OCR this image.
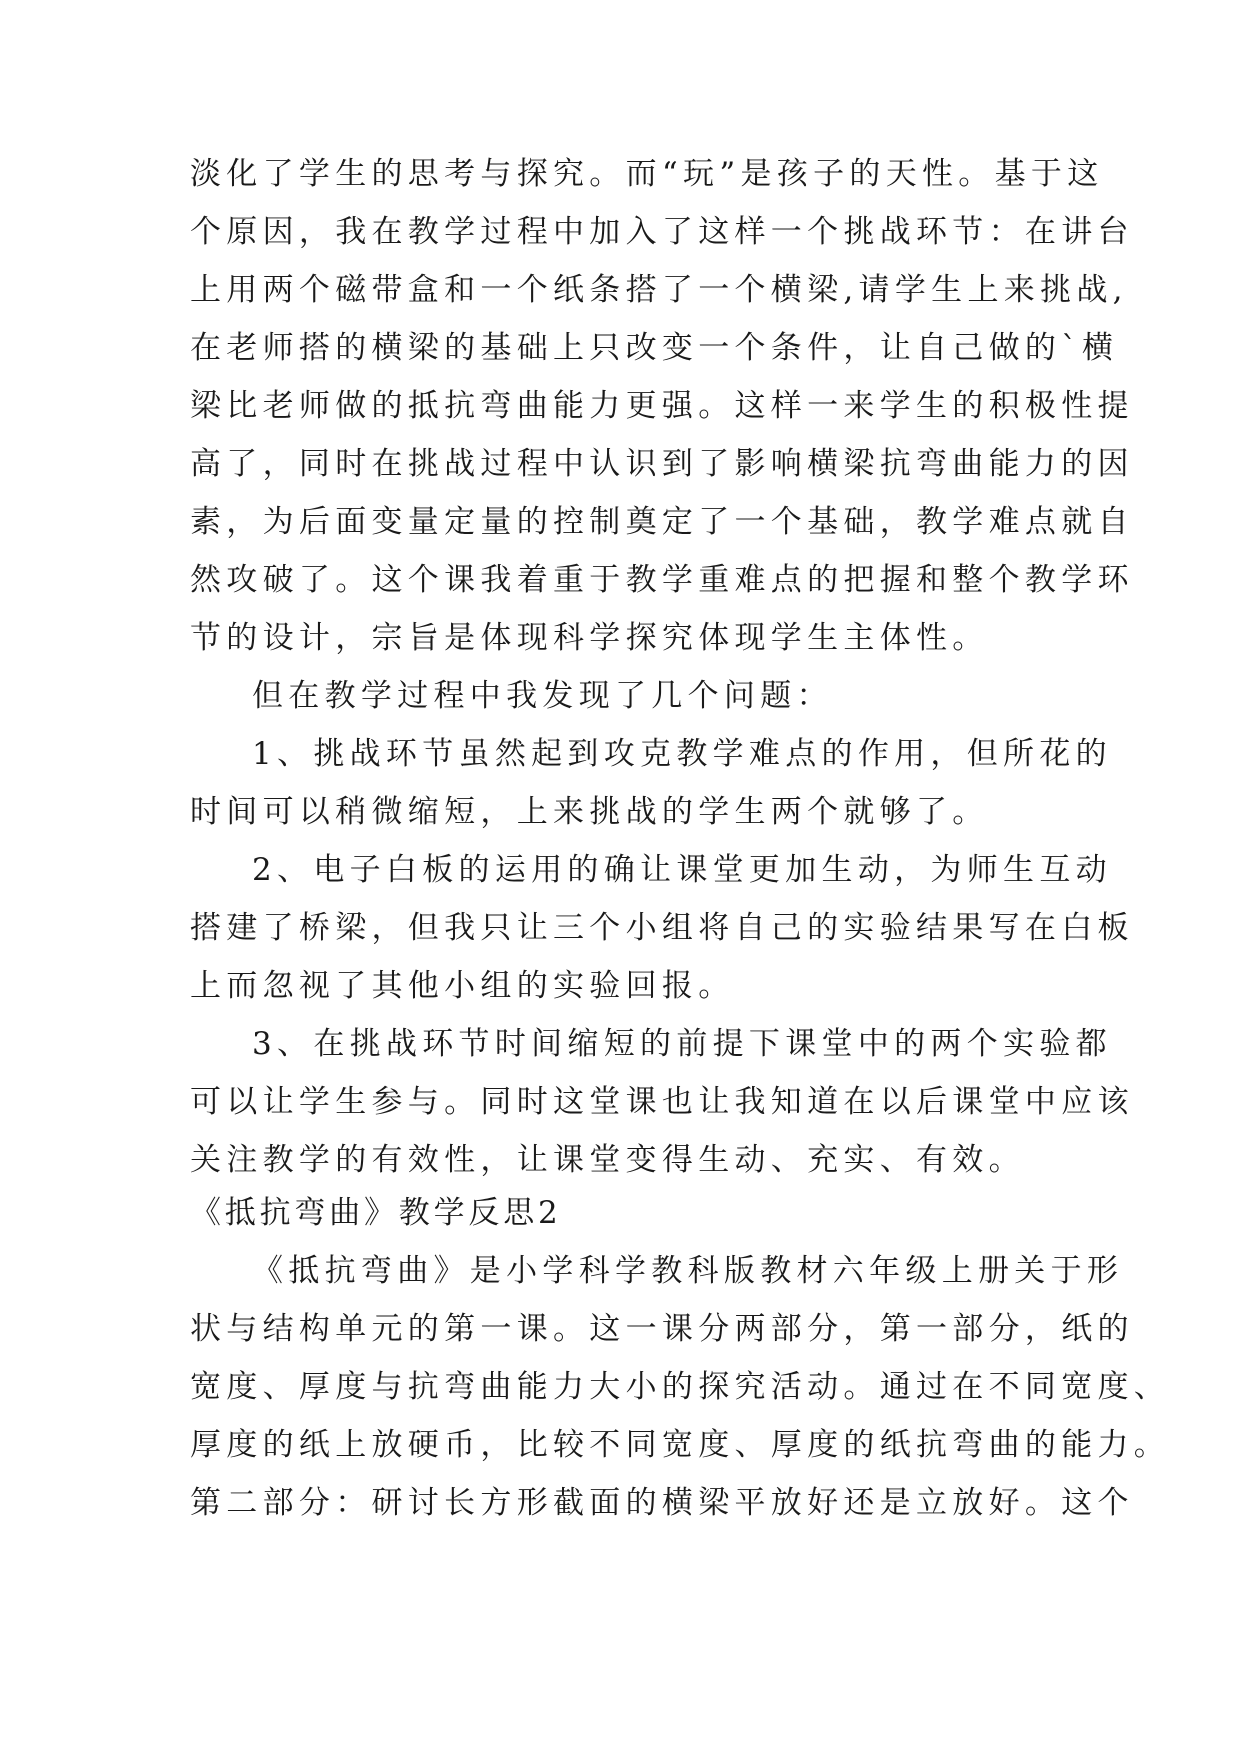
淡化了学生的思考与探究。而“玩”是孩子的天性。基于这
个原因，我在教学过程中加入了这样一个挑战环节：在讲台
上用两个磁带盒和一个纸条搭了一个横梁,请学生上来挑战,
在老师搭的横梁的基础上只改变一个条件，让自己做的`横
梁比老师做的抵抗弯曲能力更强。这样一来学生的积极性提
高了，同时在挑战过程中认识到了影响横梁抗弯曲能力的因
素，为后面变量定量的控制奠定了一个基础，教学难点就自
然攻破了。这个课我着重于教学重难点的把握和整个教学环
节的设计，宗旨是体现科学探究体现学生主体性。
但在教学过程中我发现了几个问题：
1、挑战环节虽然起到攻克教学难点的作用，但所花的
时间可以稍微缩短，上来挑战的学生两个就够了。
2、电子白板的运用的确让课堂更加生动，为师生互动
搭建了桥梁，但我只让三个小组将自己的实验结果写在白板
上而忽视了其他小组的实验回报。
3、在挑战环节时间缩短的前提下课堂中的两个实验都
可以让学生参与。同时这堂课也让我知道在以后课堂中应该
关注教学的有效性，让课堂变得生动、充实、有效。
《抵抗弯曲》教学反思2
《抵抗弯曲》是小学科学教科版教材六年级上册关于形
状与结构单元的第一课。这一课分两部分，第一部分，纸的
宽度、厚度与抗弯曲能力大小的探究活动。通过在不同宽度、
厚度的纸上放硬币，比较不同宽度、厚度的纸抗弯曲的能力。
第二部分：研讨长方形截面的横梁平放好还是立放好。这个
